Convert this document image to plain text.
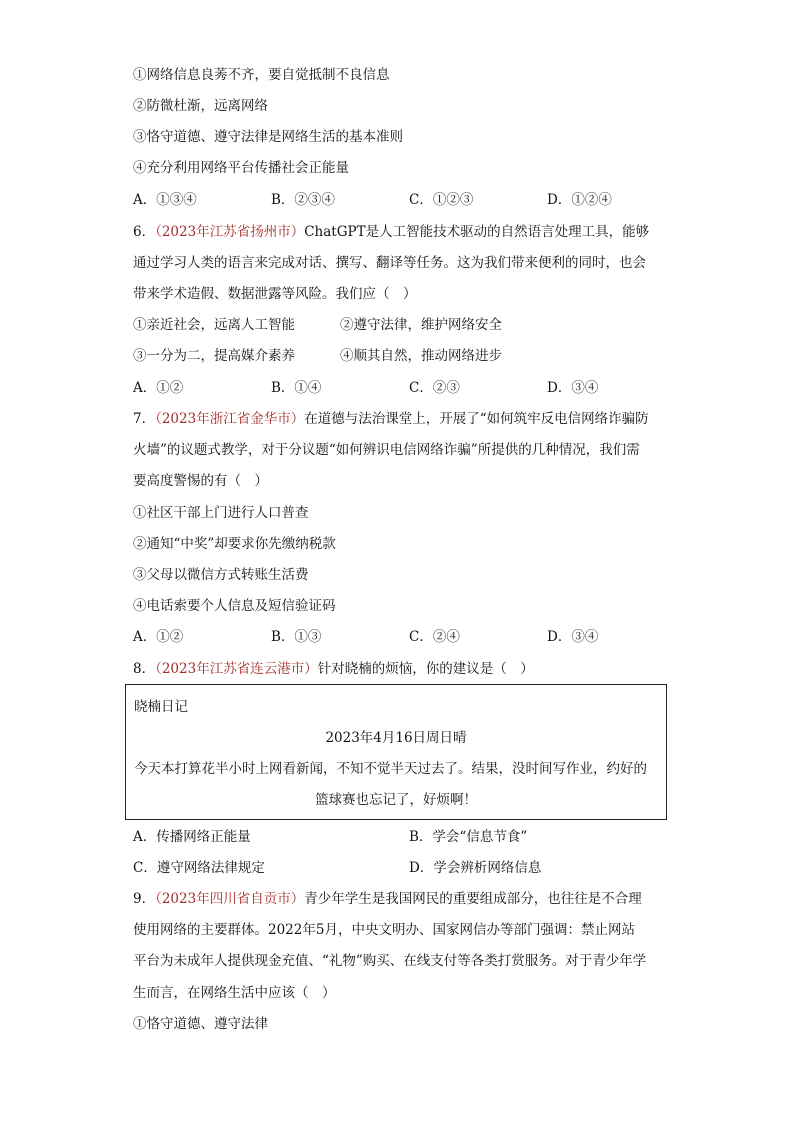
①网络信息良莠不齐，要自觉抵制不良信息
②防微杜渐，远离网络
③恪守道德、遵守法律是网络生活的基本准则
④充分利用网络平台传播社会正能量
A．①③④	B．②③④	C．①②③	D．①②④
6．（2023年江苏省扬州市）ChatGPT是人工智能技术驱动的自然语言处理工具，能够
通过学习人类的语言来完成对话、撰写、翻译等任务。这为我们带来便利的同时，也会
带来学术造假、数据泄露等风险。我们应（　）
①亲近社会，远离人工智能	②遵守法律，维护网络安全
③一分为二，提高媒介素养	④顺其自然，推动网络进步
A．①②	B．①④	C．②③	D．③④
7．（2023年浙江省金华市）在道德与法治课堂上，开展了“如何筑牢反电信网络诈骗防
火墙”的议题式教学，对于分议题“如何辨识电信网络诈骗”所提供的几种情况，我们需
要高度警惕的有（　）
①社区干部上门进行人口普查
②通知“中奖”却要求你先缴纳税款
③父母以微信方式转账生活费
④电话索要个人信息及短信验证码
A．①②	B．①③	C．②④	D．③④
8．（2023年江苏省连云港市）针对晓楠的烦恼，你的建议是（　）
晓楠日记
2023年4月16日周日晴
今天本打算花半小时上网看新闻，不知不觉半天过去了。结果，没时间写作业，约好的
篮球赛也忘记了，好烦啊！
A．传播网络正能量	B．学会“信息节食”
C．遵守网络法律规定	D．学会辨析网络信息
9．（2023年四川省自贡市）青少年学生是我国网民的重要组成部分，也往往是不合理
使用网络的主要群体。2022年5月，中央文明办、国家网信办等部门强调：禁止网站
平台为未成年人提供现金充值、“礼物”购买、在线支付等各类打赏服务。对于青少年学
生而言，在网络生活中应该（　）
①恪守道德、遵守法律
